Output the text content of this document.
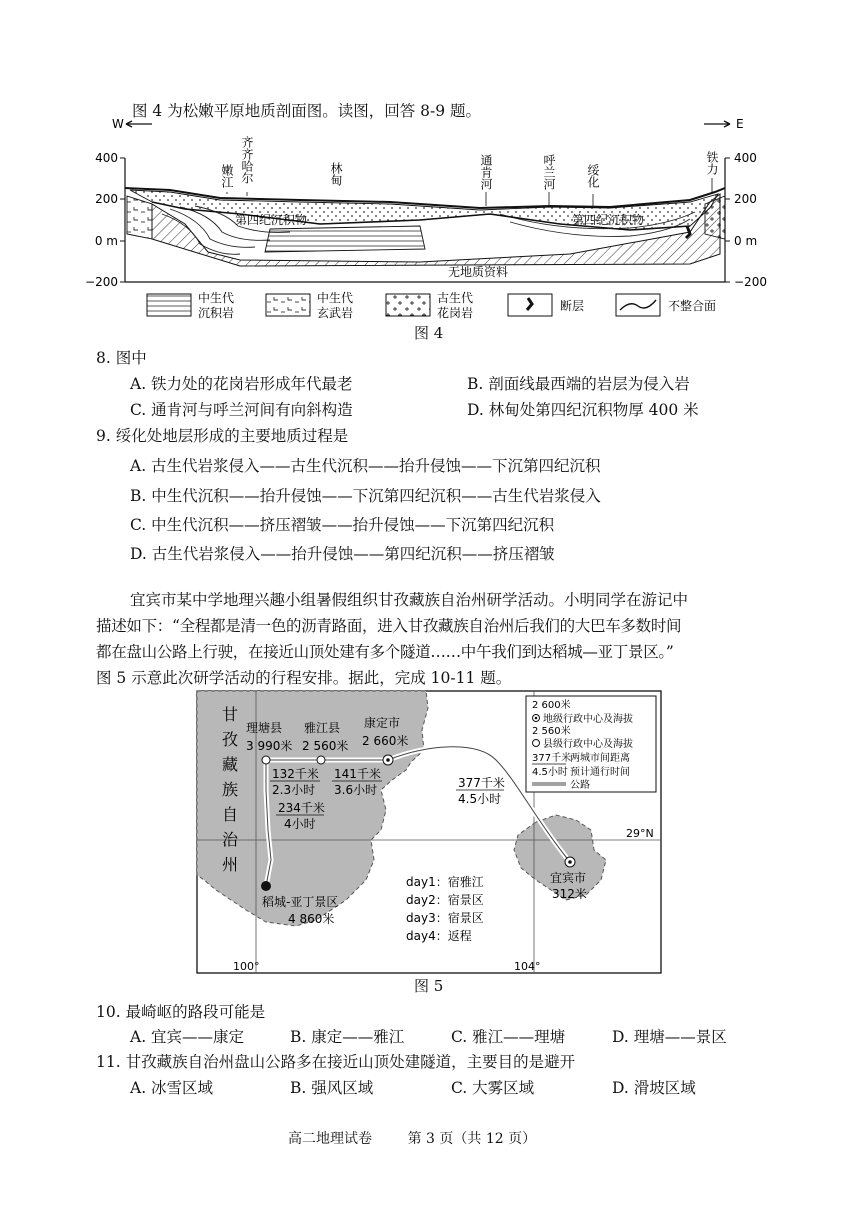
图 4 为松嫩平原地质剖面图。读图，回答 8-9 题。
W	E
400
200
0 m
−200
400
200
0 m
−200
嫩江 齐齐哈尔	林甸	通肯河	呼兰河	绥化
铁力
第四纪沉积物	第四纪沉积物
无地质资料
中生代
沉积岩
中生代
玄武岩
古生代
花岗岩	断层	不整合面
图 4
8. 图中
A. 铁力处的花岗岩形成年代最老	B. 剖面线最西端的岩层为侵入岩
C. 通肯河与呼兰河间有向斜构造	D. 林甸处第四纪沉积物厚 400 米
9. 绥化处地层形成的主要地质过程是
A. 古生代岩浆侵入——古生代沉积——抬升侵蚀——下沉第四纪沉积
B. 中生代沉积——抬升侵蚀——下沉第四纪沉积——古生代岩浆侵入
C. 中生代沉积——挤压褶皱——抬升侵蚀——下沉第四纪沉积
D. 古生代岩浆侵入——抬升侵蚀——第四纪沉积——挤压褶皱
宜宾市某中学地理兴趣小组暑假组织甘孜藏族自治州研学活动。小明同学在游记中
描述如下：“全程都是清一色的沥青路面，进入甘孜藏族自治州后我们的大巴车多数时间
都在盘山公路上行驶，在接近山顶处建有多个隧道……中午我们到达稻城—亚丁景区。”
图 5 示意此次研学活动的行程安排。据此，完成 10-11 题。
29°N
100°	104°
甘
孜
藏
族
自
治
州
理塘县
3 990米
雅江县
2 560米
康定市
2 660米
132千米
2.3小时
141千米
3.6小时
234千米
4小时
377千米
4.5小时
稻城-亚丁景区
4 860米
宜宾市
312米
day1：宿雅江
day2：宿景区
day3：宿景区
day4：返程
2 600米
地级行政中心及海拔
2 560米
县级行政中心及海拔
377千米
两城市间距离
4.5小时 预计通行时间
公路
图 5
10. 最崎岖的路段可能是
A. 宜宾——康定	B. 康定——雅江	C. 雅江——理塘	D. 理塘——景区
11. 甘孜藏族自治州盘山公路多在接近山顶处建隧道，主要目的是避开
A. 冰雪区域	B. 强风区域	C. 大雾区域	D. 滑坡区域
高二地理试卷        第 3 页（共 12 页）
